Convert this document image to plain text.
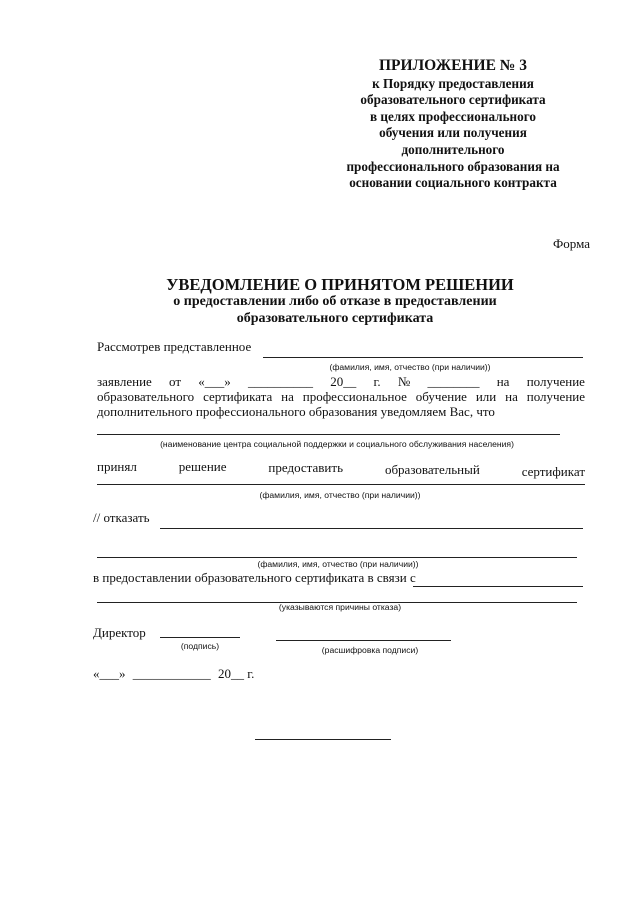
ПРИЛОЖЕНИЕ № 3
к Порядку предоставления
образовательного сертификата
в целях профессионального
обучения или получения
дополнительного
профессионального образования на
основании социального контракта
Форма
УВЕДОМЛЕНИЕ О ПРИНЯТОМ РЕШЕНИИ
о предоставлении либо об отказе в предоставлении
образовательного сертификата
Рассмотрев представленное
(фамилия, имя, отчество (при наличии))
заявление от «___» __________ 20__ г. № ________ на получение
образовательного сертификата на профессиональное обучение или на получение
дополнительного профессионального образования уведомляем Вас, что
(наименование центра социальной поддержки и социального обслуживания населения)
принял	решение	предоставить	образовательный	сертификат
(фамилия, имя, отчество (при наличии))
// отказать
(фамилия, имя, отчество (при наличии))
в предоставлении образовательного сертификата в связи с
(указываются причины отказа)
Директор
(подпись)	(расшифровка подписи)
«___» ____________ 20__ г.
